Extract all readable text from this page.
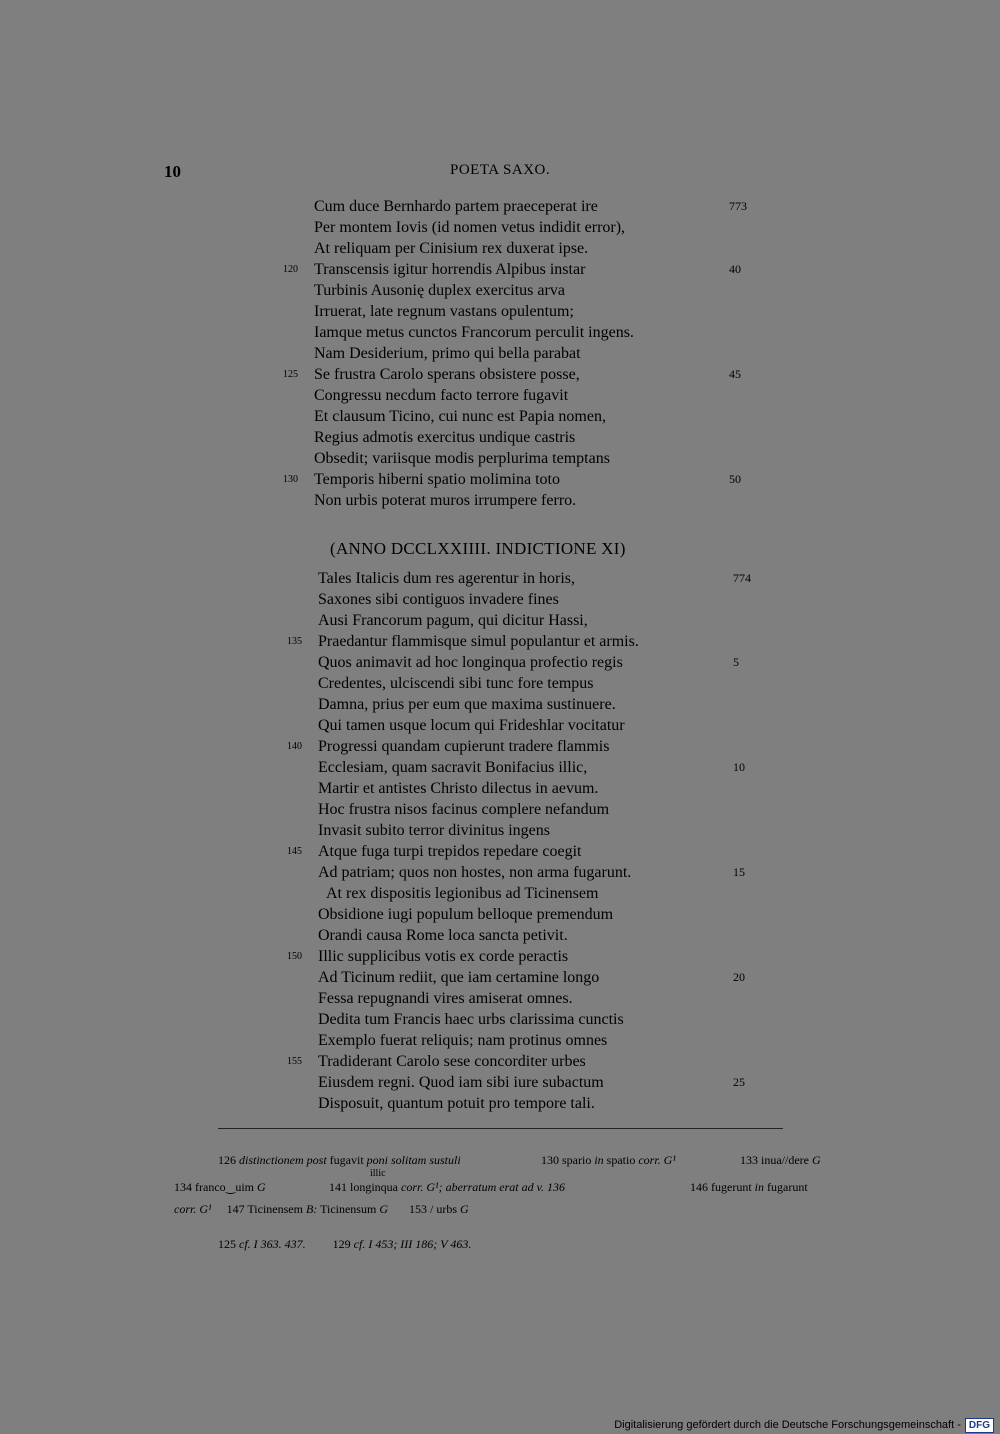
10	POETA SAXO.
Cum duce Bernhardo partem praeceperat ire	773
Per montem Iovis (id nomen vetus indidit error),
At reliquam per Cinisium rex duxerat ipse.
120 Transcensis igitur horrendis Alpibus instar	40
Turbinis Ausonię duplex exercitus arva
Irruerat, late regnum vastans opulentum;
Iamque metus cunctos Francorum perculit ingens.
Nam Desiderium, primo qui bella parabat
125 Se frustra Carolo sperans obsistere posse,	45
Congressu necdum facto terrore fugavit
Et clausum Ticino, cui nunc est Papia nomen,
Regius admotis exercitus undique castris
Obsedit; variisque modis perplurima temptans
130 Temporis hiberni spatio molimina toto	50
Non urbis poterat muros irrumpere ferro.
(ANNO DCCLXXIIII. INDICTIONE XI)
Tales Italicis dum res agerentur in horis,	774
Saxones sibi contiguos invadere fines
Ausi Francorum pagum, qui dicitur Hassi,
135 Praedantur flammisque simul populantur et armis.
Quos animavit ad hoc longinqua profectio regis	5
Credentes, ulciscendi sibi tunc fore tempus
Damna, prius per eum que maxima sustinuere.
Qui tamen usque locum qui Frideshlar vocitatur
140 Progressi quandam cupierunt tradere flammis
Ecclesiam, quam sacravit Bonifacius illic,	10
Martir et antistes Christo dilectus in aevum.
Hoc frustra nisos facinus complere nefandum
Invasit subito terror divinitus ingens
145 Atque fuga turpi trepidos repedare coegit
Ad patriam; quos non hostes, non arma fugarunt.	15
 At rex dispositis legionibus ad Ticinensem
Obsidione iugi populum belloque premendum
Orandi causa Rome loca sancta petivit.
150 Illic supplicibus votis ex corde peractis
Ad Ticinum rediit, que iam certamine longo	20
Fessa repugnandi vires amiserat omnes.
Dedita tum Francis haec urbs clarissima cunctis
Exemplo fuerat reliquis; nam protinus omnes
155 Tradiderant Carolo sese concorditer urbes
Eiusdem regni. Quod iam sibi iure subactum	25
Disposuit, quantum potuit pro tempore tali.
126 distinctionem post fugavit poni solitam sustuli	130 spario in spatio corr. G¹	133 inua//dere G
illic
134 franco‿uim G	141 longinqua corr. G¹; aberratum erat ad v. 136	146 fugerunt in fugarunt
corr. G¹ 147 Ticinensem B: Ticinensum G 153 / urbs G
125 cf. I 363. 437. 129 cf. I 453; III 186; V 463.
Digitalisierung gefördert durch die Deutsche Forschungsgemeinschaft - DFG
